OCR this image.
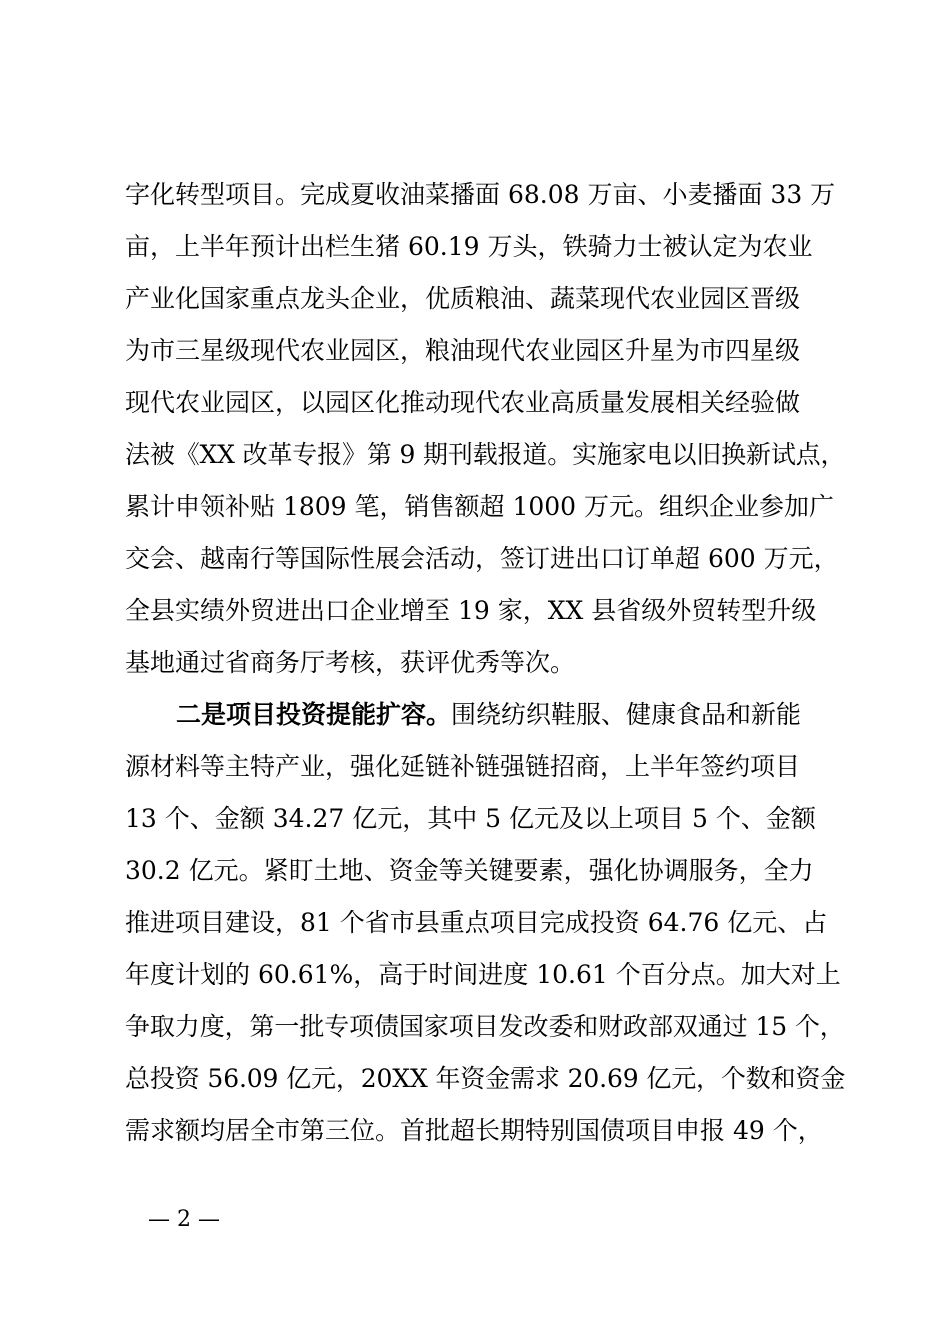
字化转型项目。完成夏收油菜播面 68.08 万亩、小麦播面 33 万
亩，上半年预计出栏生猪 60.19 万头，铁骑力士被认定为农业
产业化国家重点龙头企业，优质粮油、蔬菜现代农业园区晋级
为市三星级现代农业园区，粮油现代农业园区升星为市四星级
现代农业园区，以园区化推动现代农业高质量发展相关经验做
法被《XX 改革专报》第 9 期刊载报道。实施家电以旧换新试点，
累计申领补贴 1809 笔，销售额超 1000 万元。组织企业参加广
交会、越南行等国际性展会活动，签订进出口订单超 600 万元，
全县实绩外贸进出口企业增至 19 家，XX 县省级外贸转型升级
基地通过省商务厅考核，获评优秀等次。
二是项目投资提能扩容。围绕纺织鞋服、健康食品和新能
源材料等主特产业，强化延链补链强链招商，上半年签约项目
13 个、金额 34.27 亿元，其中 5 亿元及以上项目 5 个、金额
30.2 亿元。紧盯土地、资金等关键要素，强化协调服务，全力
推进项目建设，81 个省市县重点项目完成投资 64.76 亿元、占
年度计划的 60.61%，高于时间进度 10.61 个百分点。加大对上
争取力度，第一批专项债国家项目发改委和财政部双通过 15 个，
总投资 56.09 亿元，20XX 年资金需求 20.69 亿元，个数和资金
需求额均居全市第三位。首批超长期特别国债项目申报 49 个，
— 2 —
